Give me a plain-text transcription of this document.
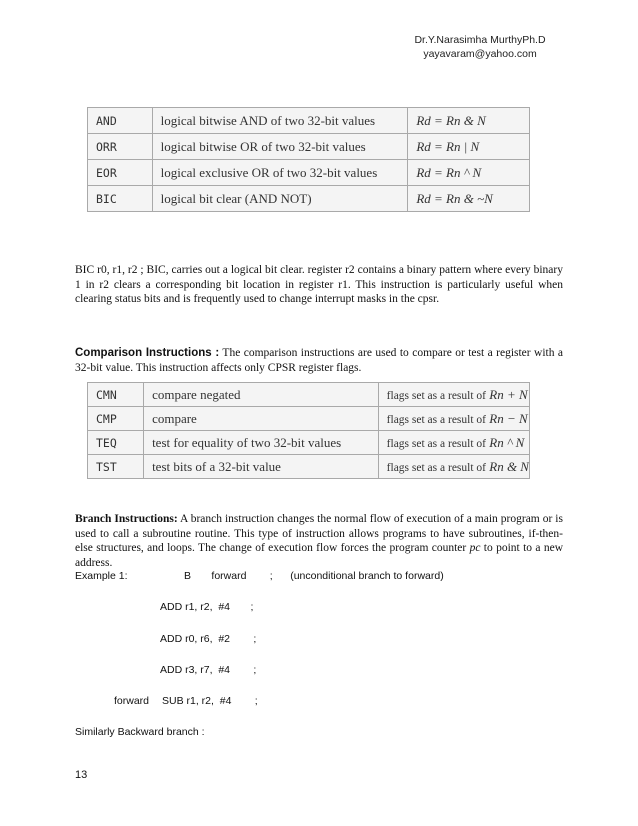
Dr.Y.Narasimha MurthyPh.D
yayavaram@yahoo.com
AND	logical bitwise AND of two 32-bit values	Rd = Rn & N
ORR	logical bitwise OR of two 32-bit values	Rd = Rn | N
EOR	logical exclusive OR of two 32-bit values	Rd = Rn ^ N
BIC	logical bit clear (AND NOT)	Rd = Rn & ~N
BIC r0, r1, r2 ; BIC, carries out a logical bit clear. register r2 contains a binary pattern where every binary 1 in r2 clears a corresponding bit location in register r1. This instruction is particularly useful when clearing status bits and is frequently used to change interrupt masks in the cpsr.
Comparison Instructions : The comparison instructions are used to compare or test a register with a 32-bit value. This instruction affects only CPSR register flags.
CMN	compare negated	flags set as a result of Rn + N
CMP	compare	flags set as a result of Rn − N
TEQ	test for equality of two 32-bit values	flags set as a result of Rn ^ N
TST	test bits of a 32-bit value	flags set as a result of Rn & N
Branch Instructions: A branch instruction changes the normal flow of execution of a main program or is used to call a subroutine routine. This type of instruction allows programs to have subroutines, if-then-else structures, and loops. The change of execution flow forces the program counter pc to point to a new address.
Example 1:	B       forward        ;      (unconditional branch to forward)
ADD r1, r2,  #4       ;
ADD r0, r6,  #2        ;
ADD r3, r7,  #4        ;
forward SUB r1, r2,  #4        ;
Similarly Backward branch :
13
